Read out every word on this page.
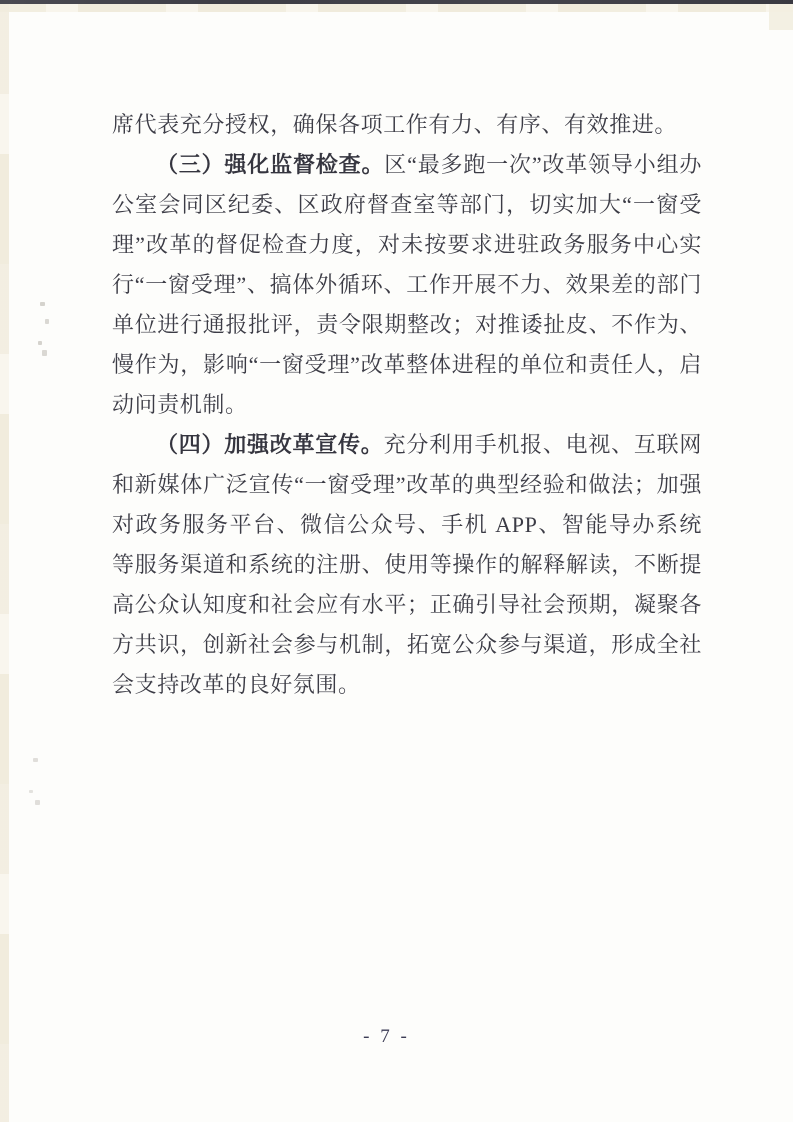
席代表充分授权，确保各项工作有力、有序、有效推进。

（三）强化监督检查。区“最多跑一次”改革领导小组办公室会同区纪委、区政府督查室等部门，切实加大“一窗受理”改革的督促检查力度，对未按要求进驻政务服务中心实行“一窗受理”、搞体外循环、工作开展不力、效果差的部门单位进行通报批评，责令限期整改；对推诿扯皮、不作为、慢作为，影响“一窗受理”改革整体进程的单位和责任人，启动问责机制。

（四）加强改革宣传。充分利用手机报、电视、互联网和新媒体广泛宣传“一窗受理”改革的典型经验和做法；加强对政务服务平台、微信公众号、手机 APP、智能导办系统等服务渠道和系统的注册、使用等操作的解释解读，不断提高公众认知度和社会应有水平；正确引导社会预期，凝聚各方共识，创新社会参与机制，拓宽公众参与渠道，形成全社会支持改革的良好氛围。

- 7 -
